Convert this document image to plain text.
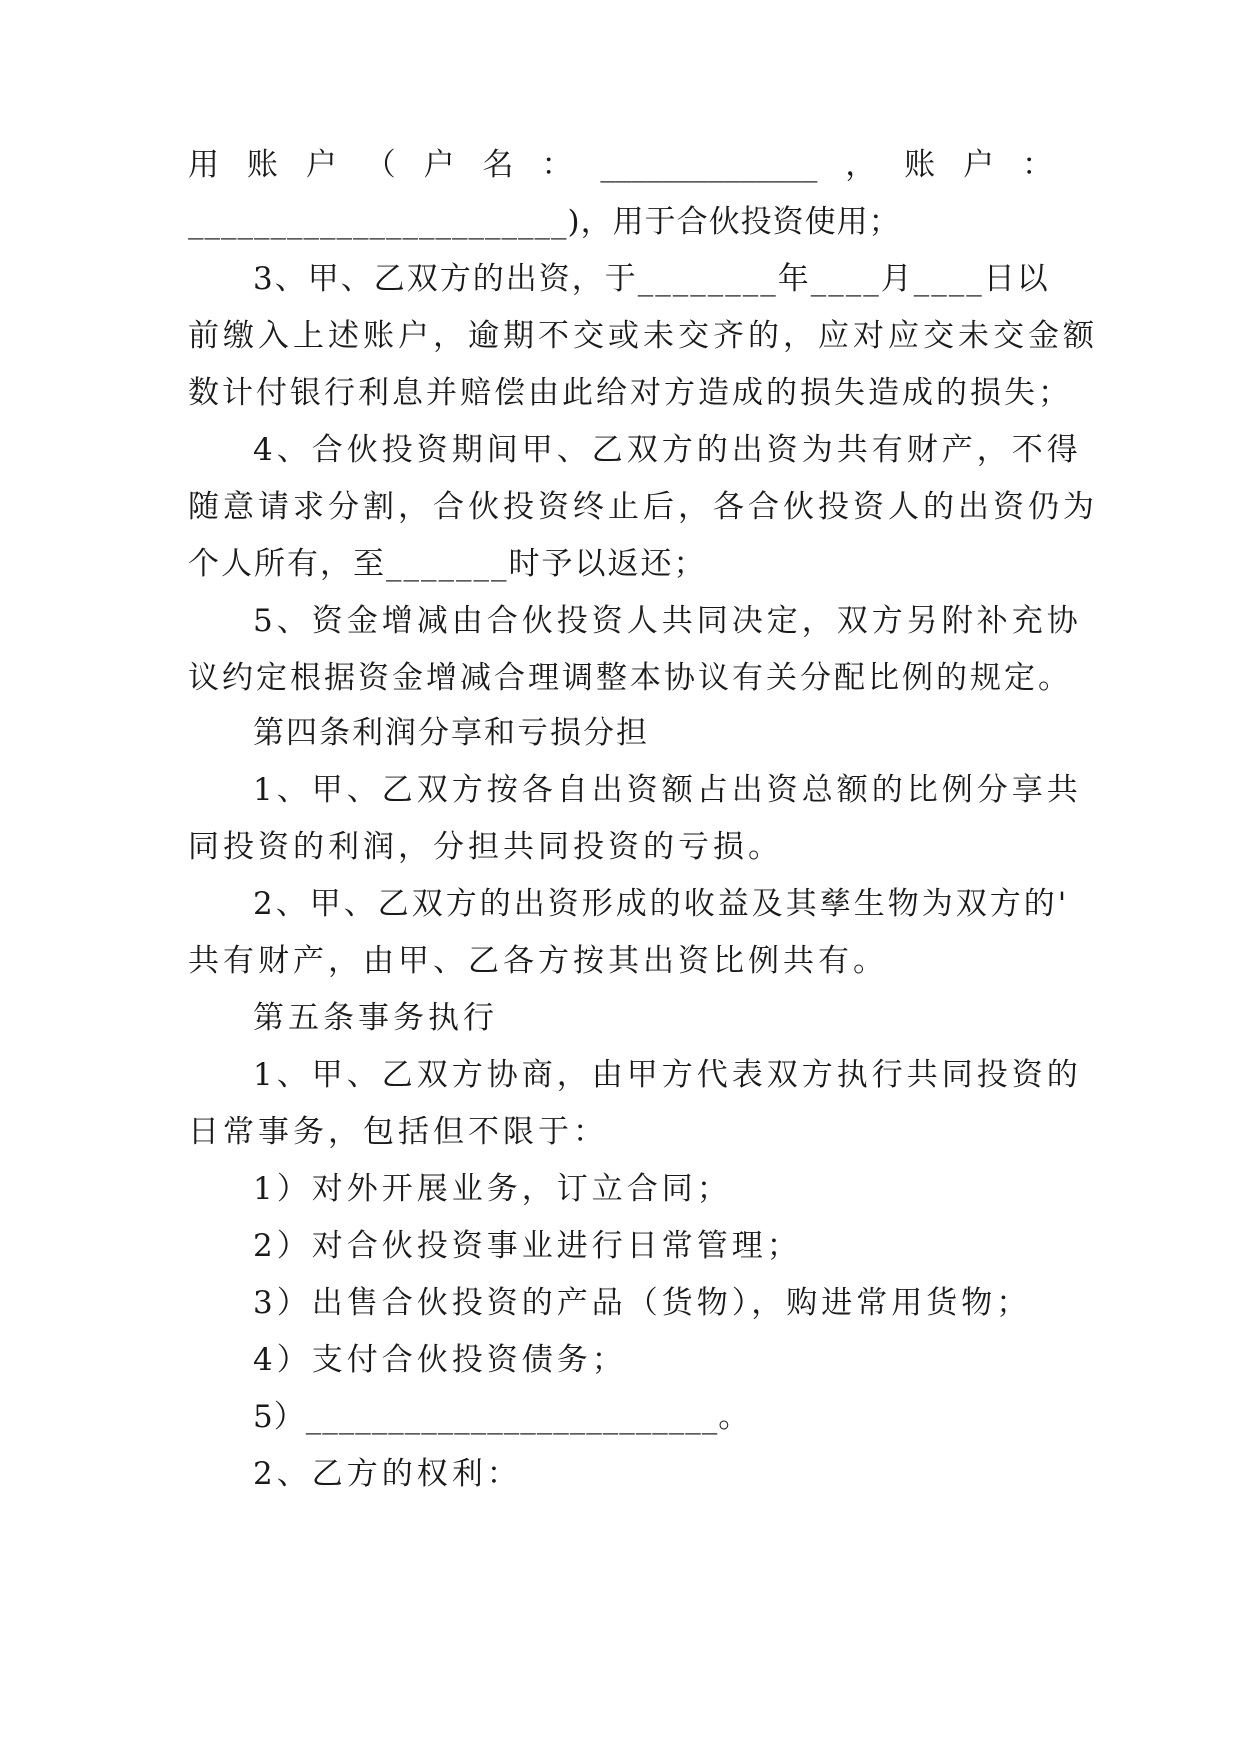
用 账 户 （ 户 名 ： ______________ ， 账 户 ：
_______________________)，用于合伙投资使用；
3、甲、乙双方的出资，于________年____月____日以
前缴入上述账户，逾期不交或未交齐的，应对应交未交金额
数计付银行利息并赔偿由此给对方造成的损失造成的损失；
4、合伙投资期间甲、乙双方的出资为共有财产，不得
随意请求分割，合伙投资终止后，各合伙投资人的出资仍为
个人所有，至_______时予以返还；
5、资金增减由合伙投资人共同决定，双方另附补充协
议约定根据资金增减合理调整本协议有关分配比例的规定。
第四条利润分享和亏损分担
1、甲、乙双方按各自出资额占出资总额的比例分享共
同投资的利润，分担共同投资的亏损。
2、甲、乙双方的出资形成的收益及其孳生物为双方的'
共有财产，由甲、乙各方按其出资比例共有。
第五条事务执行
1、甲、乙双方协商，由甲方代表双方执行共同投资的
日常事务，包括但不限于：
1）对外开展业务，订立合同；
2）对合伙投资事业进行日常管理；
3）出售合伙投资的产品（货物），购进常用货物；
4）支付合伙投资债务；
5）_________________________。
2、乙方的权利：
